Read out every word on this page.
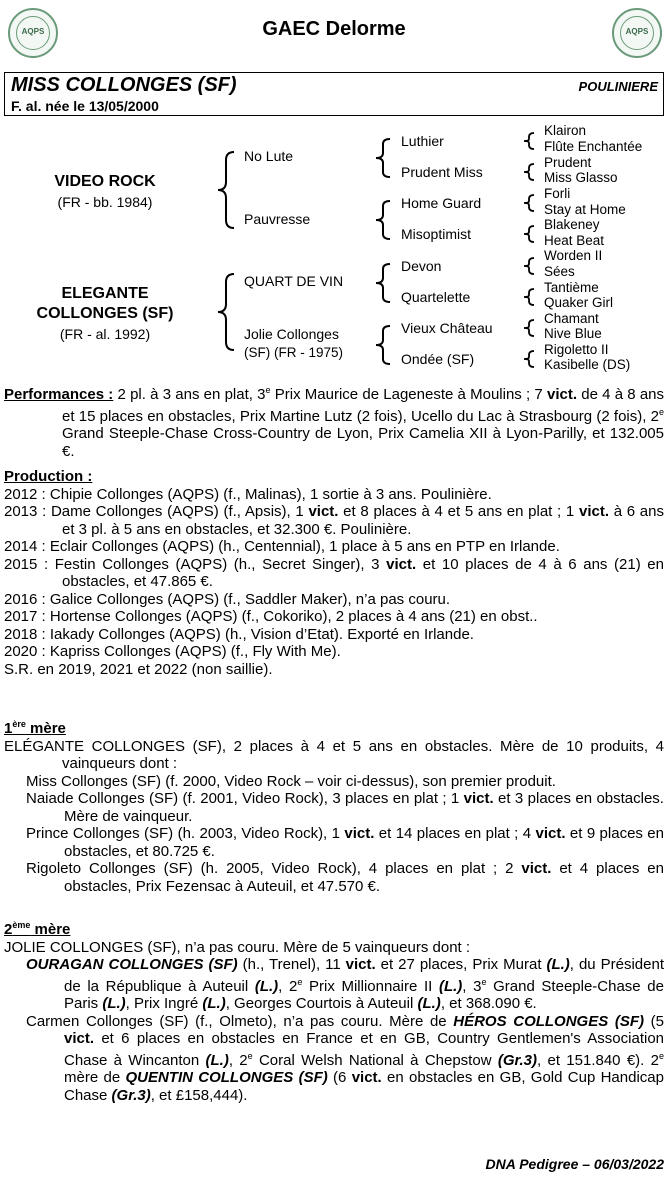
AQPS	AQPS
GAEC Delorme
MISS COLLONGES (SF)
F. al. née le 13/05/2000
POULINIERE
VIDEO ROCK
(FR - bb. 1984)
ELEGANTE
COLLONGES (SF)
(FR - al. 1992)
No Lute
Pauvresse
QUART DE VIN
Jolie Collonges
(SF) (FR - 1975)
Luthier
Prudent Miss
Home Guard
Misoptimist
Devon
Quartelette
Vieux Château
Ondée (SF)
Klairon
Flûte Enchantée
Prudent
Miss Glasso
Forli
Stay at Home
Blakeney
Heat Beat
Worden II
Sées
Tantième
Quaker Girl
Chamant
Nive Blue
Rigoletto II
Kasibelle (DS)

Performances : 2 pl. à 3 ans en plat, 3e Prix Maurice de Lageneste à Moulins ; 7 vict. de 4 à 8 ans et 15 places en obstacles, Prix Martine Lutz (2 fois), Ucello du Lac à Strasbourg (2 fois), 2e Grand Steeple-Chase Cross-Country de Lyon, Prix Camelia XII à Lyon-Parilly, et 132.005 €.

Production :

2012 : Chipie Collonges (AQPS) (f., Malinas), 1 sortie à 3 ans. Poulinière.

2013 : Dame Collonges (AQPS) (f., Apsis), 1 vict. et 8 places à 4 et 5 ans en plat ; 1 vict. à 6 ans et 3 pl. à 5 ans en obstacles, et 32.300 €. Poulinière.

2014 : Eclair Collonges (AQPS) (h., Centennial), 1 place à 5 ans en PTP en Irlande.

2015 : Festin Collonges (AQPS) (h., Secret Singer), 3 vict. et 10 places de 4 à 6 ans (21) en obstacles, et 47.865 €.

2016 : Galice Collonges (AQPS) (f., Saddler Maker), n’a pas couru.

2017 : Hortense Collonges (AQPS) (f., Cokoriko), 2 places à 4 ans (21) en obst..

2018 : Iakady Collonges (AQPS) (h., Vision d’Etat). Exporté en Irlande.

2020 : Kapriss Collonges (AQPS) (f., Fly With Me).

S.R. en 2019, 2021 et 2022 (non saillie).

1ère mère

ELÉGANTE COLLONGES (SF), 2 places à 4 et 5 ans en obstacles. Mère de 10 produits, 4 vainqueurs dont :

Miss Collonges (SF) (f. 2000, Video Rock – voir ci-dessus), son premier produit.

Naiade Collonges (SF) (f. 2001, Video Rock), 3 places en plat ; 1 vict. et 3 places en obstacles. Mère de vainqueur.

Prince Collonges (SF) (h. 2003, Video Rock), 1 vict. et 14 places en plat ; 4 vict. et 9 places en obstacles, et 80.725 €.

Rigoleto Collonges (SF) (h. 2005, Video Rock), 4 places en plat ; 2 vict. et 4 places en obstacles, Prix Fezensac à Auteuil, et 47.570 €.

2ème mère

JOLIE COLLONGES (SF), n’a pas couru. Mère de 5 vainqueurs dont :

OURAGAN COLLONGES (SF) (h., Trenel), 11 vict. et 27 places, Prix Murat (L.), du Président de la République à Auteuil (L.), 2e Prix Millionnaire II (L.), 3e Grand Steeple-Chase de Paris (L.), Prix Ingré (L.), Georges Courtois à Auteuil (L.), et 368.090 €.

Carmen Collonges (SF) (f., Olmeto), n’a pas couru. Mère de HÉROS COLLONGES (SF) (5 vict. et 6 places en obstacles en France et en GB, Country Gentlemen's Association Chase à Wincanton (L.), 2e Coral Welsh National à Chepstow (Gr.3), et 151.840 €). 2e mère de QUENTIN COLLONGES (SF) (6 vict. en obstacles en GB, Gold Cup Handicap Chase (Gr.3), et £158,444).

DNA Pedigree – 06/03/2022
